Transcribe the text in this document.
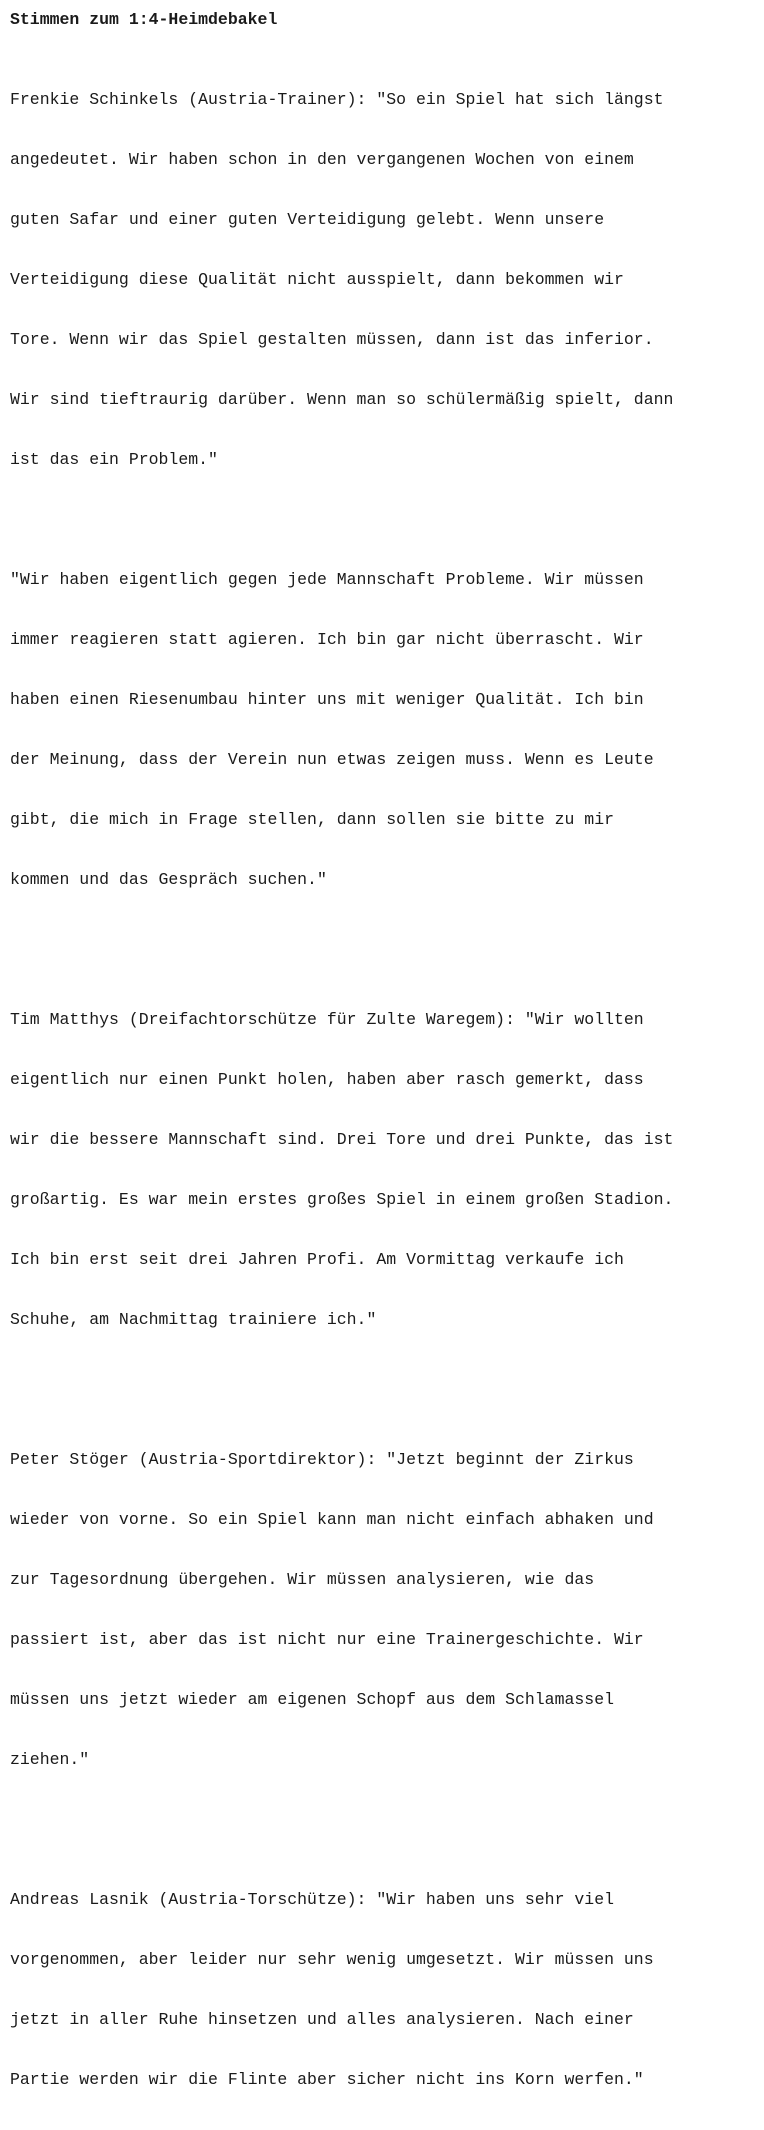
Stimmen zum 1:4-Heimdebakel

Frenkie Schinkels (Austria-Trainer): "So ein Spiel hat sich längst

angedeutet. Wir haben schon in den vergangenen Wochen von einem

guten Safar und einer guten Verteidigung gelebt. Wenn unsere

Verteidigung diese Qualität nicht ausspielt, dann bekommen wir

Tore. Wenn wir das Spiel gestalten müssen, dann ist das inferior.

Wir sind tieftraurig darüber. Wenn man so schülermäßig spielt, dann

ist das ein Problem."

"Wir haben eigentlich gegen jede Mannschaft Probleme. Wir müssen

immer reagieren statt agieren. Ich bin gar nicht überrascht. Wir

haben einen Riesenumbau hinter uns mit weniger Qualität. Ich bin

der Meinung, dass der Verein nun etwas zeigen muss. Wenn es Leute

gibt, die mich in Frage stellen, dann sollen sie bitte zu mir

kommen und das Gespräch suchen."

Tim Matthys (Dreifachtorschütze für Zulte Waregem): "Wir wollten

eigentlich nur einen Punkt holen, haben aber rasch gemerkt, dass

wir die bessere Mannschaft sind. Drei Tore und drei Punkte, das ist

großartig. Es war mein erstes großes Spiel in einem großen Stadion.

Ich bin erst seit drei Jahren Profi. Am Vormittag verkaufe ich

Schuhe, am Nachmittag trainiere ich."

Peter Stöger (Austria-Sportdirektor): "Jetzt beginnt der Zirkus

wieder von vorne. So ein Spiel kann man nicht einfach abhaken und

zur Tagesordnung übergehen. Wir müssen analysieren, wie das

passiert ist, aber das ist nicht nur eine Trainergeschichte. Wir

müssen uns jetzt wieder am eigenen Schopf aus dem Schlamassel

ziehen."

Andreas Lasnik (Austria-Torschütze): "Wir haben uns sehr viel

vorgenommen, aber leider nur sehr wenig umgesetzt. Wir müssen uns

jetzt in aller Ruhe hinsetzen und alles analysieren. Nach einer

Partie werden wir die Flinte aber sicher nicht ins Korn werfen."
